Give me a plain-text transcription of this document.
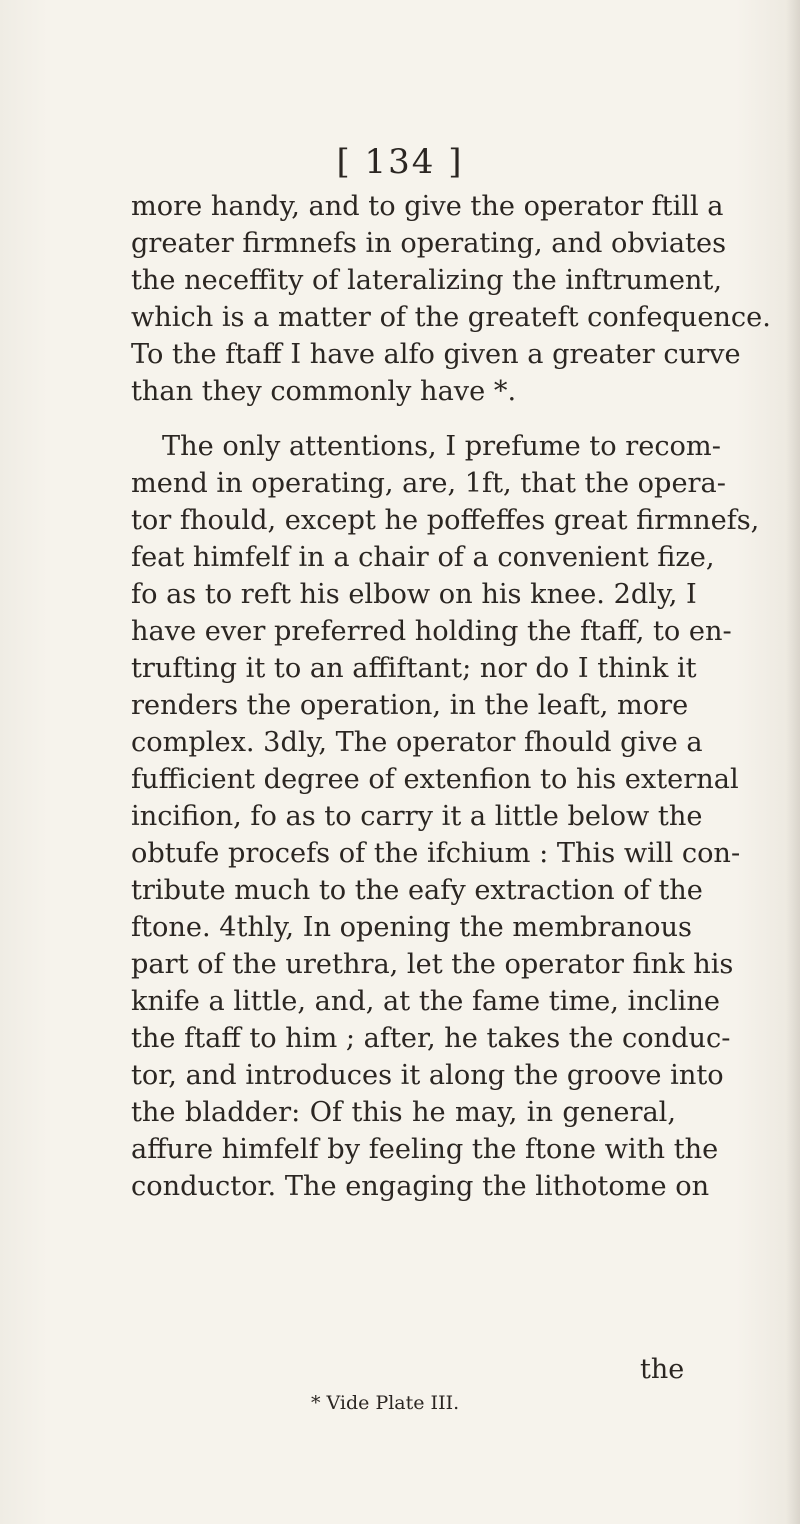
[ 134 ]
more handy, and to give the operator ftill a
greater firmnefs in operating, and obviates
the neceffity of lateralizing the inftrument,
which is a matter of the greateft confequence.
To the ftaff I have alfo given a greater curve
than they commonly have *.
The only attentions, I prefume to recom-
mend in operating, are, 1ft, that the opera-
tor fhould, except he poffeffes great firmnefs,
feat himfelf in a chair of a convenient fize,
fo as to reft his elbow on his knee. 2dly, I
have ever preferred holding the ftaff, to en-
trufting it to an affiftant; nor do I think it
renders the operation, in the leaft, more
complex. 3dly, The operator fhould give a
fufficient degree of extenfion to his external
incifion, fo as to carry it a little below the
obtufe procefs of the ifchium : This will con-
tribute much to the eafy extraction of the
ftone. 4thly, In opening the membranous
part of the urethra, let the operator fink his
knife a little, and, at the fame time, incline
the ftaff to him ; after, he takes the conduc-
tor, and introduces it along the groove into
the bladder: Of this he may, in general,
affure himfelf by feeling the ftone with the
conductor. The engaging the lithotome on
the
* Vide Plate III.
